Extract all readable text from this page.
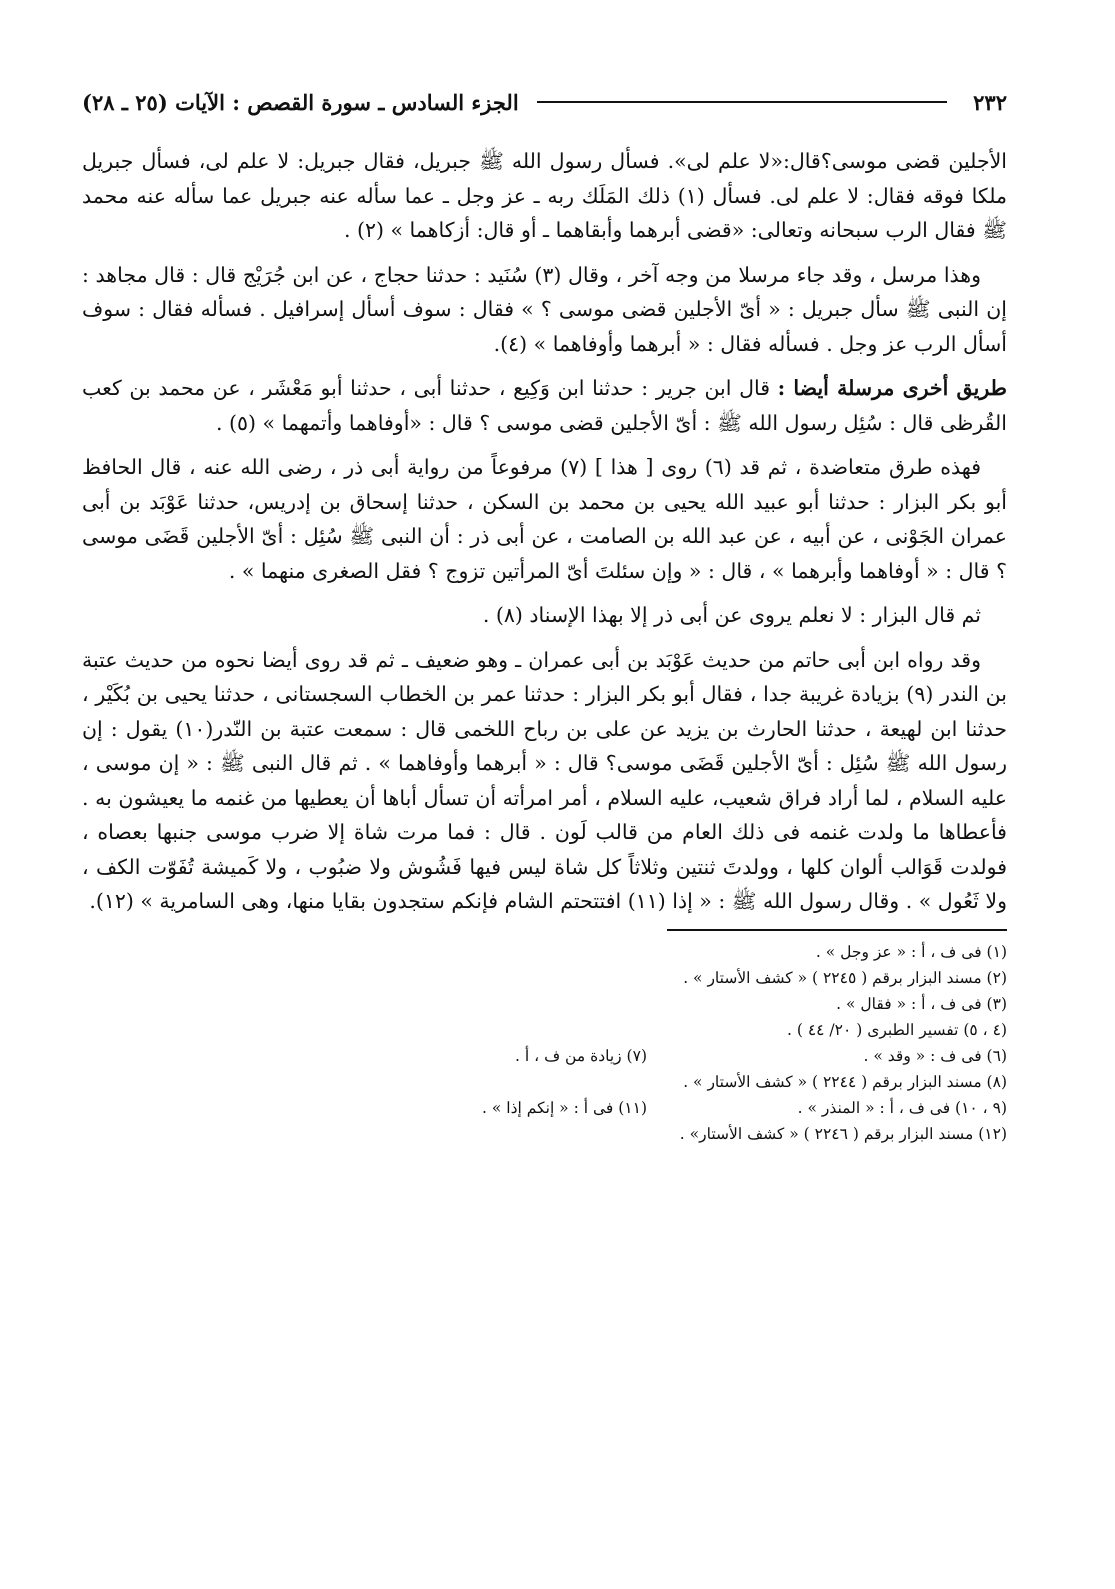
٢٣٢
الجزء السادس ـ سورة القصص : الآيات (٢٥ ـ ٢٨)

الأجلين قضى موسى؟قال:«لا علم لى». فسأل رسول الله ﷺ جبريل، فقال جبريل: لا علم لى، فسأل جبريل ملكا فوقه فقال: لا علم لى. فسأل (١) ذلك المَلَك ربه ـ عز وجل ـ عما سأله عنه جبريل عما سأله عنه محمد ﷺ فقال الرب سبحانه وتعالى: «قضى أبرهما وأبقاهما ـ أو قال: أزكاهما » (٢) .

وهذا مرسل ، وقد جاء مرسلا من وجه آخر ، وقال (٣) سُنَيد : حدثنا حجاج ، عن ابن جُرَيْج قال : قال مجاهد : إن النبى ﷺ سأل جبريل : « أىّ الأجلين قضى موسى ؟ » فقال : سوف أسأل إسرافيل . فسأله فقال : سوف أسأل الرب عز وجل . فسأله فقال : « أبرهما وأوفاهما » (٤).

طريق أخرى مرسلة أيضا : قال ابن جرير : حدثنا ابن وَكِيع ، حدثنا أبى ، حدثنا أبو مَعْشَر ، عن محمد بن كعب القُرظى قال : سُئِل رسول الله ﷺ : أىّ الأجلين قضى موسى ؟ قال : «أوفاهما وأتمهما » (٥) .

فهذه طرق متعاضدة ، ثم قد (٦) روى [ هذا ] (٧) مرفوعاً من رواية أبى ذر ، رضى الله عنه ، قال الحافظ أبو بكر البزار : حدثنا أبو عبيد الله يحيى بن محمد بن السكن ، حدثنا إسحاق بن إدريس، حدثنا عَوْبَد بن أبى عمران الجَوْنى ، عن أبيه ، عن عبد الله بن الصامت ، عن أبى ذر : أن النبى ﷺ سُئِل : أىّ الأجلين قَضَى موسى ؟ قال : « أوفاهما وأبرهما » ، قال : « وإن سئلتَ أىّ المرأتين تزوج ؟ فقل الصغرى منهما » .

ثم قال البزار : لا نعلم يروى عن أبى ذر إلا بهذا الإسناد (٨) .

وقد رواه ابن أبى حاتم من حديث عَوْبَد بن أبى عمران ـ وهو ضعيف ـ ثم قد روى أيضا نحوه من حديث عتبة بن الندر (٩) بزيادة غريبة جدا ، فقال أبو بكر البزار : حدثنا عمر بن الخطاب السجستانى ، حدثنا يحيى بن بُكَيْر ، حدثنا ابن لهيعة ، حدثنا الحارث بن يزيد عن على بن رباح اللخمى قال : سمعت عتبة بن النّدر(١٠) يقول : إن رسول الله ﷺ سُئِل : أىّ الأجلين قَضَى موسى؟ قال : « أبرهما وأوفاهما » . ثم قال النبى ﷺ : « إن موسى ، عليه السلام ، لما أراد فراق شعيب، عليه السلام ، أمر امرأته أن تسأل أباها أن يعطيها من غنمه ما يعيشون به . فأعطاها ما ولدت غنمه فى ذلك العام من قالب لَون . قال : فما مرت شاة إلا ضرب موسى جنبها بعصاه ، فولدت قَوَالب ألوان كلها ، وولدتَ ثنتين وثلاثاً كل شاة ليس فيها فَشُوش ولا ضبُوب ، ولا كَميشة تُفَوّت الكف ، ولا ثَعُول » . وقال رسول الله ﷺ : « إذا (١١) افتتحتم الشام فإنكم ستجدون بقايا منها، وهى السامرية » (١٢).

(١) فى ف ، أ : « عز وجل » .
(٢) مسند البزار برقم ( ٢٢٤٥ ) « كشف الأستار » .
(٣) فى ف ، أ : « فقال » .
(٤ ، ٥) تفسير الطبرى ( ٢٠/ ٤٤ ) .
(٦) فى ف : « وقد » .
(٨) مسند البزار برقم ( ٢٢٤٤ ) « كشف الأستار » .
(٩ ، ١٠) فى ف ، أ : « المنذر » .
(١٢) مسند البزار برقم ( ٢٢٤٦ ) « كشف الأستار» .
(٧) زيادة من ف ، أ .
(١١) فى أ : « إنكم إذا » .
